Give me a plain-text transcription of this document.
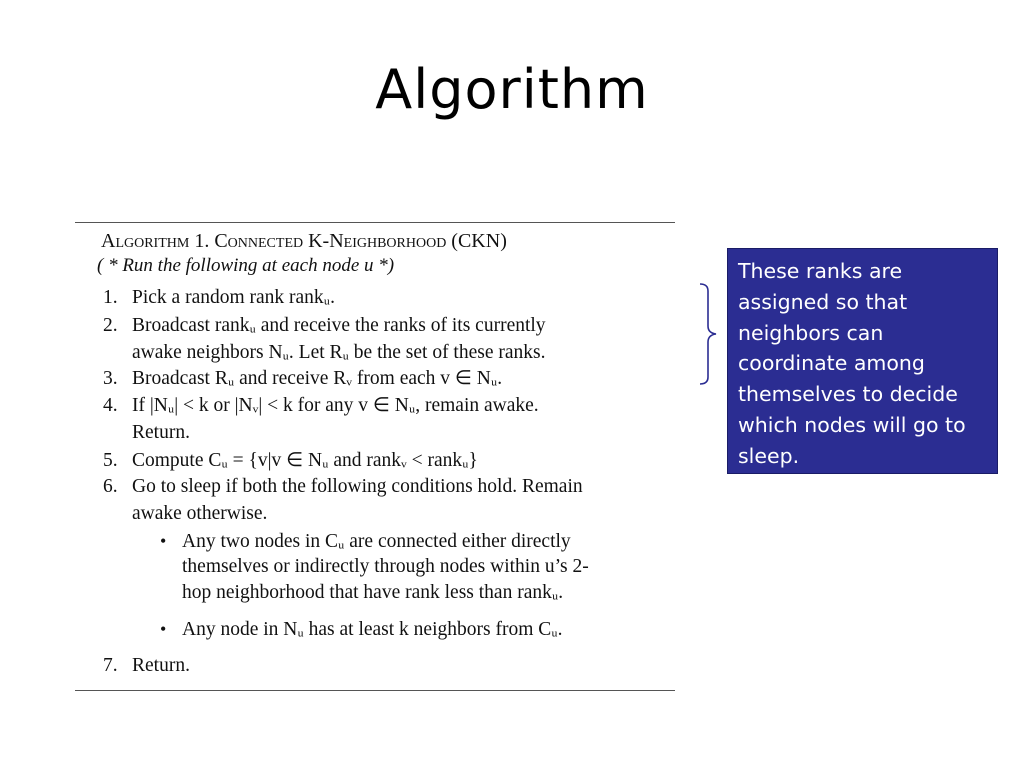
Algorithm
Algorithm 1. Connected K-Neighborhood (CKN)
( * Run the following at each node u *)
1. Pick a random rank rankᵤ.
2. Broadcast rankᵤ and receive the ranks of its currently
awake neighbors Nᵤ. Let Rᵤ be the set of these ranks.
3. Broadcast Rᵤ and receive Rᵥ from each v ∈ Nᵤ.
4. If |Nᵤ| < k or |Nᵥ| < k for any v ∈ Nᵤ, remain awake.
Return.
5. Compute Cᵤ = {v|v ∈ Nᵤ and rankᵥ < rankᵤ}
6. Go to sleep if both the following conditions hold. Remain
awake otherwise.
• Any two nodes in Cᵤ are connected either directly
themselves or indirectly through nodes within u’s 2-
hop neighborhood that have rank less than rankᵤ.
• Any node in Nᵤ has at least k neighbors from Cᵤ.
7. Return.
These ranks are assigned so that neighbors can coordinate among themselves to decide which nodes will go to sleep.
